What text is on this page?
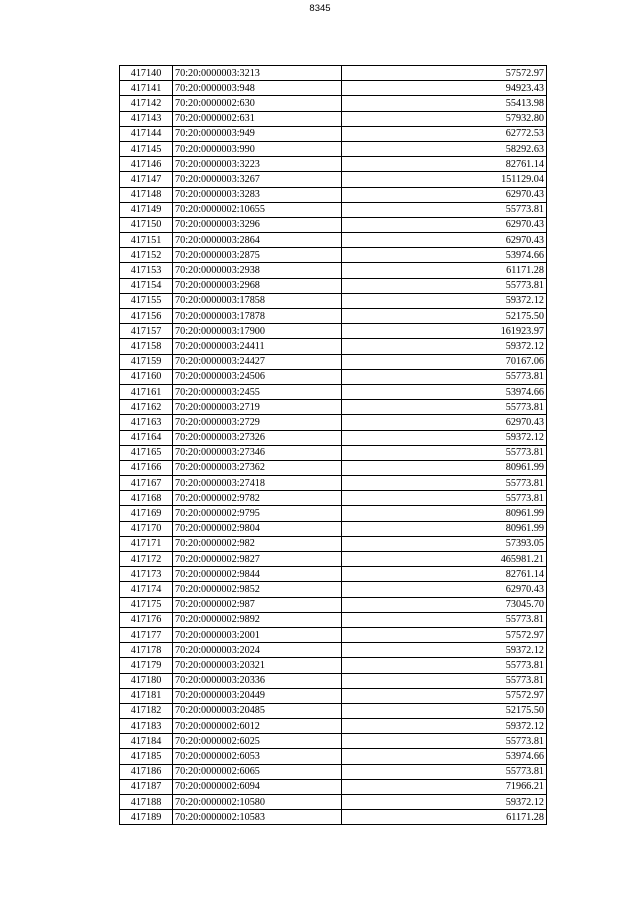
8345
417140	70:20:0000003:3213	57572.97
417141	70:20:0000003:948	94923.43
417142	70:20:0000002:630	55413.98
417143	70:20:0000002:631	57932.80
417144	70:20:0000003:949	62772.53
417145	70:20:0000003:990	58292.63
417146	70:20:0000003:3223	82761.14
417147	70:20:0000003:3267	151129.04
417148	70:20:0000003:3283	62970.43
417149	70:20:0000002:10655	55773.81
417150	70:20:0000003:3296	62970.43
417151	70:20:0000003:2864	62970.43
417152	70:20:0000003:2875	53974.66
417153	70:20:0000003:2938	61171.28
417154	70:20:0000003:2968	55773.81
417155	70:20:0000003:17858	59372.12
417156	70:20:0000003:17878	52175.50
417157	70:20:0000003:17900	161923.97
417158	70:20:0000003:24411	59372.12
417159	70:20:0000003:24427	70167.06
417160	70:20:0000003:24506	55773.81
417161	70:20:0000003:2455	53974.66
417162	70:20:0000003:2719	55773.81
417163	70:20:0000003:2729	62970.43
417164	70:20:0000003:27326	59372.12
417165	70:20:0000003:27346	55773.81
417166	70:20:0000003:27362	80961.99
417167	70:20:0000003:27418	55773.81
417168	70:20:0000002:9782	55773.81
417169	70:20:0000002:9795	80961.99
417170	70:20:0000002:9804	80961.99
417171	70:20:0000002:982	57393.05
417172	70:20:0000002:9827	465981.21
417173	70:20:0000002:9844	82761.14
417174	70:20:0000002:9852	62970.43
417175	70:20:0000002:987	73045.70
417176	70:20:0000002:9892	55773.81
417177	70:20:0000003:2001	57572.97
417178	70:20:0000003:2024	59372.12
417179	70:20:0000003:20321	55773.81
417180	70:20:0000003:20336	55773.81
417181	70:20:0000003:20449	57572.97
417182	70:20:0000003:20485	52175.50
417183	70:20:0000002:6012	59372.12
417184	70:20:0000002:6025	55773.81
417185	70:20:0000002:6053	53974.66
417186	70:20:0000002:6065	55773.81
417187	70:20:0000002:6094	71966.21
417188	70:20:0000002:10580	59372.12
417189	70:20:0000002:10583	61171.28
